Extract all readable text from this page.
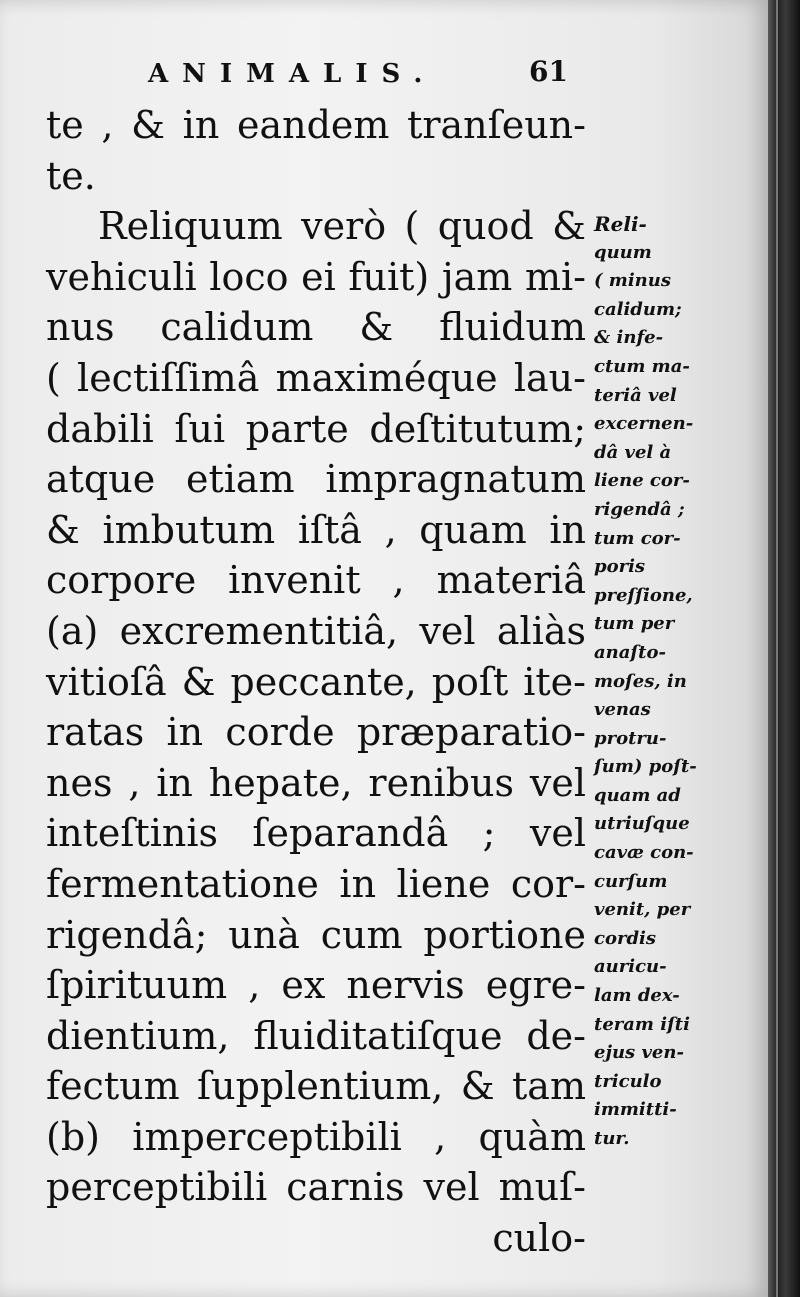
ANIMALIS.	61
te , & in eandem tranſeun-
te.
Reliquum verò ( quod &
vehiculi loco ei fuit) jam mi-
nus calidum & fluidum
( lectiſſimâ maximéque lau-
dabili ſui parte deſtitutum;
atque etiam impragnatum
& imbutum iſtâ , quam in
corpore invenit , materiâ
(a) excrementitiâ, vel aliàs
vitioſâ & peccante, poſt ite-
ratas in corde præparatio-
nes , in hepate, renibus vel
inteſtinis ſeparandâ ; vel
fermentatione in liene cor-
rigendâ; unà cum portione
ſpirituum , ex nervis egre-
dientium, fluiditatiſque de-
fectum ſupplentium, & tam
(b) imperceptibili , quàm
perceptibili carnis vel muſ-
culo-
Reli-
quum
( minus
calidum;
& infe-
ctum ma-
teriâ vel
excernen-
dâ vel à
liene cor-
rigendâ ;
tum cor-
poris
preſſione,
tum per
anaſto-
moſes, in
venas
protru-
ſum) poſt-
quam ad
utriuſque
cavæ con-
curſum
venit, per
cordis
auricu-
lam dex-
teram iſti
ejus ven-
triculo
immitti-
tur.
